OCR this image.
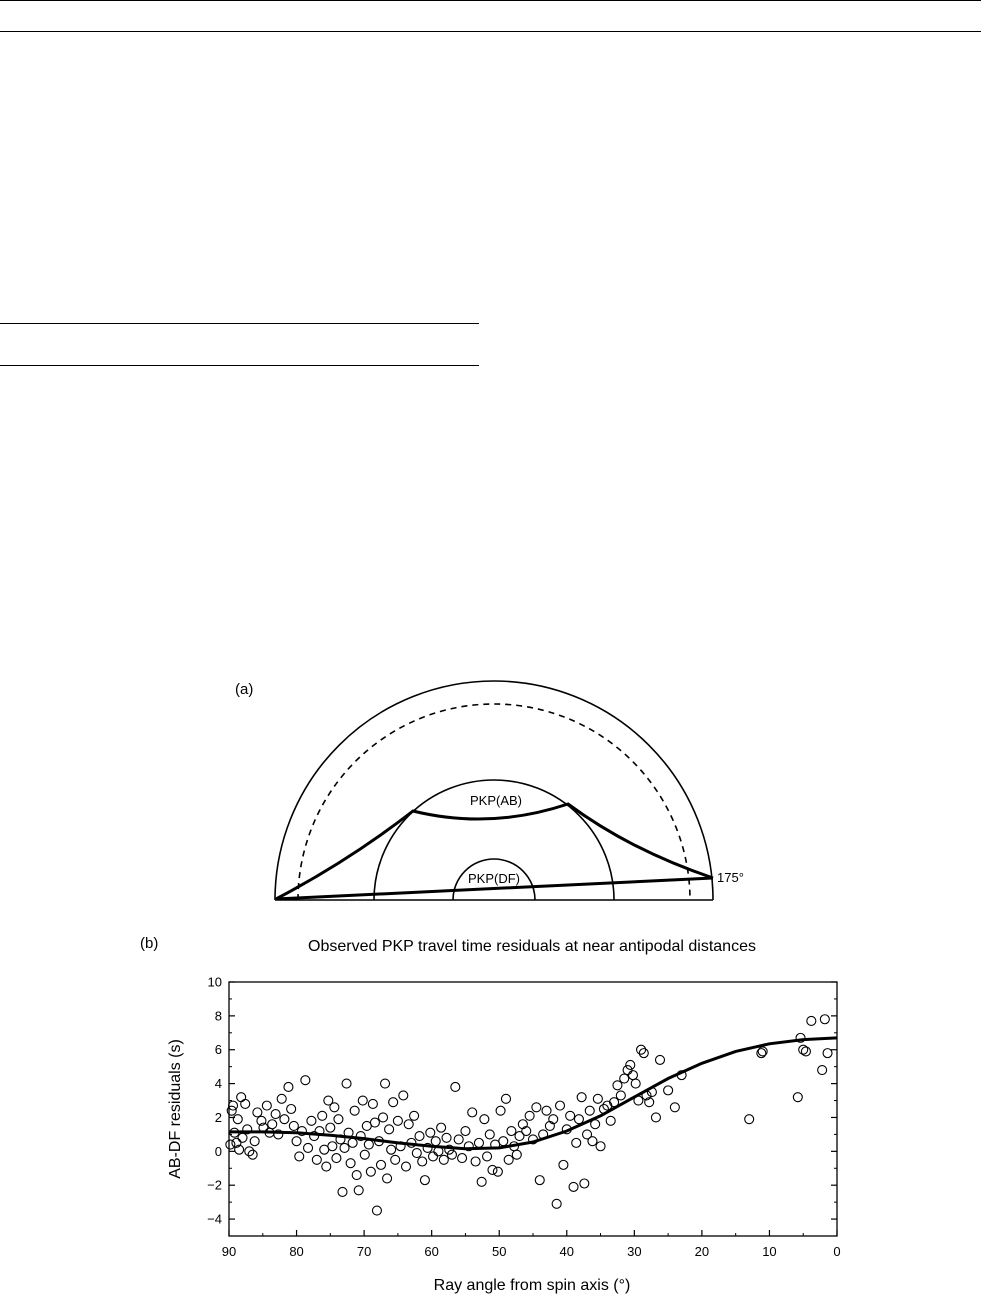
(a)
PKP(AB)
PKP(DF)	175°
(b)	Observed PKP travel time residuals at near antipodal distances
90	80	70	60	50	40	30	20	10	0
−4
−2
0
2
4
6
8
10
Ray angle from spin axis (°)
AB-DF residuals (s)
